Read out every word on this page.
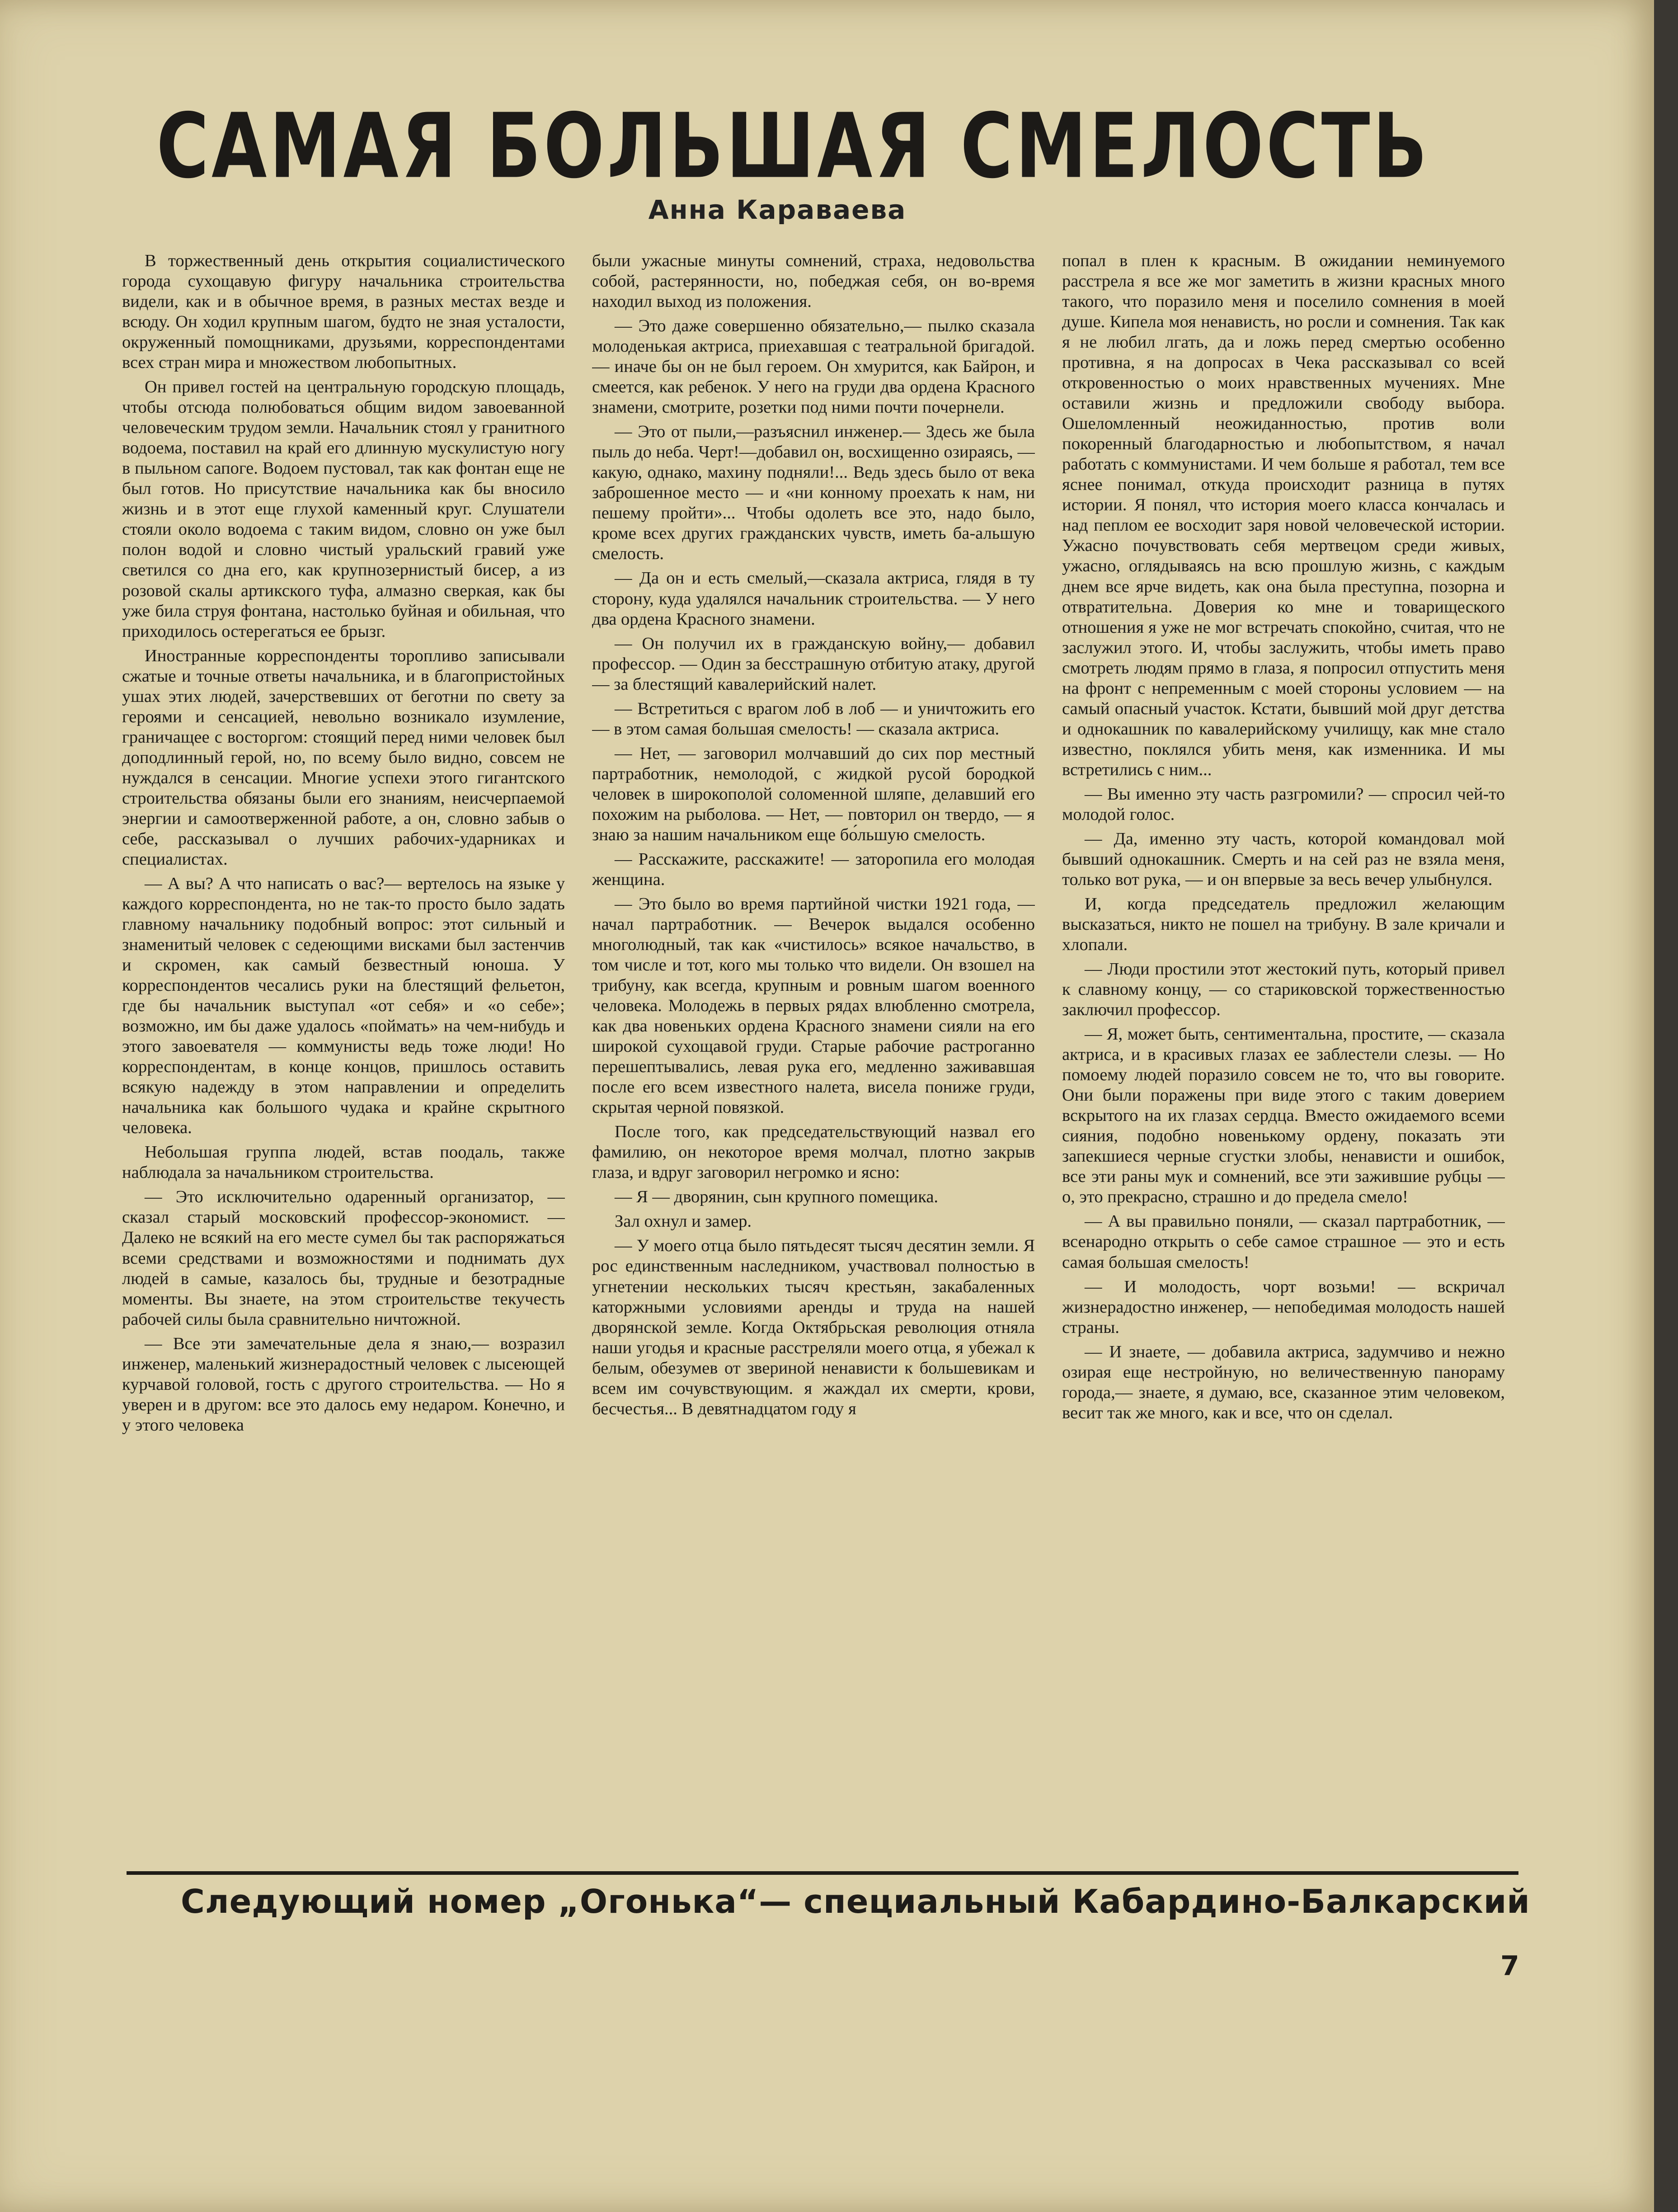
САМАЯ БОЛЬШАЯ СМЕЛОСТЬ
Анна Караваева

В торжественный день открытия социалистического города сухощавую фигуру начальника строительства видели, как и в обычное время, в разных местах везде и всюду. Он ходил крупным шагом, будто не зная усталости, окруженный помощниками, друзьями, корреспондентами всех стран мира и множеством любопытных.

Он привел гостей на центральную городскую площадь, чтобы отсюда полюбоваться общим видом завоеванной человеческим трудом земли. Начальник стоял у гранитного водоема, поставил на край его длинную мускулистую ногу в пыльном сапоге. Водоем пустовал, так как фонтан еще не был готов. Но присутствие начальника как бы вносило жизнь и в этот еще глухой каменный круг. Слушатели стояли около водоема с таким видом, словно он уже был полон водой и словно чистый уральский гравий уже светился со дна его, как крупнозернистый бисер, а из розовой скалы артикского туфа, алмазно сверкая, как бы уже била струя фонтана, настолько буйная и обильная, что приходилось остерегаться ее брызг.

Иностранные корреспонденты торопливо записывали сжатые и точные ответы начальника, и в благопристойных ушах этих людей, зачерствевших от беготни по свету за героями и сенсацией, невольно возникало изумление, граничащее с восторгом: стоящий перед ними человек был доподлинный герой, но, по всему было видно, совсем не нуждался в сенсации. Многие успехи этого гигантского строительства обязаны были его знаниям, неисчерпаемой энергии и самоотверженной работе, а он, словно забыв о себе, рассказывал о лучших рабочих-ударниках и специалистах.

— А вы? А что написать о вас?— вертелось на языке у каждого корреспондента, но не так-то просто было задать главному начальнику подобный вопрос: этот сильный и знаменитый человек с седеющими висками был застенчив и скромен, как самый безвестный юноша. У корреспондентов чесались руки на блестящий фельетон, где бы начальник выступал «от себя» и «о себе»; возможно, им бы даже удалось «поймать» на чем-нибудь и этого завоевателя — коммунисты ведь тоже люди! Но корреспондентам, в конце концов, пришлось оставить всякую надежду в этом направлении и определить начальника как большого чудака и крайне скрытного человека.

Небольшая группа людей, встав поодаль, также наблюдала за начальником строительства.

— Это исключительно одаренный организатор, — сказал старый московский профессор-экономист. — Далеко не всякий на его месте сумел бы так распоряжаться всеми средствами и возможностями и поднимать дух людей в самые, казалось бы, трудные и безотрадные моменты. Вы знаете, на этом строительстве текучесть рабочей силы была сравнительно ничтожной.

— Все эти замечательные дела я знаю,— возразил инженер, маленький жизнерадостный человек с лысеющей курчавой головой, гость с другого строительства. — Но я уверен и в другом: все это далось ему недаром. Конечно, и у этого человека

были ужасные минуты сомнений, страха, недовольства собой, растерянности, но, победжая себя, он во-время находил выход из положения.

— Это даже совершенно обязательно,— пылко сказала молоденькая актриса, приехавшая с театральной бригадой. — иначе бы он не был героем. Он хмурится, как Байрон, и смеется, как ребенок. У него на груди два ордена Красного знамени, смотрите, розетки под ними почти почернели.

— Это от пыли,—разъяснил инженер.— Здесь же была пыль до неба. Черт!—добавил он, восхищенно озираясь, — какую, однако, махину подняли!... Ведь здесь было от века заброшенное место — и «ни конному проехать к нам, ни пешему пройти»... Чтобы одолеть все это, надо было, кроме всех других гражданских чувств, иметь ба-альшую смелость.

— Да он и есть смелый,—сказала актриса, глядя в ту сторону, куда удалялся начальник строительства. — У него два ордена Красного знамени.

— Он получил их в гражданскую войну,— добавил профессор. — Один за бесстрашную отбитую атаку, другой — за блестящий кавалерийский налет.

— Встретиться с врагом лоб в лоб — и уничтожить его — в этом самая большая смелость! — сказала актриса.

— Нет, — заговорил молчавший до сих пор местный партработник, немолодой, с жидкой русой бородкой человек в широкополой соломенной шляпе, делавший его похожим на рыболова. — Нет, — повторил он твердо, — я знаю за нашим начальником еще бо́льшую смелость.

— Расскажите, расскажите! — заторопила его молодая женщина.

— Это было во время партийной чистки 1921 года, — начал партработник. — Вечерок выдался особенно многолюдный, так как «чистилось» всякое начальство, в том числе и тот, кого мы только что видели. Он взошел на трибуну, как всегда, крупным и ровным шагом военного человека. Молодежь в первых рядах влюбленно смотрела, как два новеньких ордена Красного знамени сияли на его широкой сухощавой груди. Старые рабочие растроганно перешептывались, левая рука его, медленно заживавшая после его всем известного налета, висела пониже груди, скрытая черной повязкой.

После того, как председательствующий назвал его фамилию, он некоторое время молчал, плотно закрыв глаза, и вдруг заговорил негромко и ясно:

— Я — дворянин, сын крупного помещика.

Зал охнул и замер.

— У моего отца было пятьдесят тысяч десятин земли. Я рос единственным наследником, участвовал полностью в угнетении нескольких тысяч крестьян, закабаленных каторжными условиями аренды и труда на нашей дворянской земле. Когда Октябрьская революция отняла наши угодья и красные расстреляли моего отца, я убежал к белым, обезумев от звериной ненависти к большевикам и всем им сочувствующим. я жаждал их смерти, крови, бесчестья... В девятнадцатом году я

попал в плен к красным. В ожидании неминуемого расстрела я все же мог заметить в жизни красных много такого, что поразило меня и поселило сомнения в моей душе. Кипела моя ненависть, но росли и сомнения. Так как я не любил лгать, да и ложь перед смертью особенно противна, я на допросах в Чека рассказывал со всей откровенностью о моих нравственных мучениях. Мне оставили жизнь и предложили свободу выбора. Ошеломленный неожиданностью, против воли покоренный благодарностью и любопытством, я начал работать с коммунистами. И чем больше я работал, тем все яснее понимал, откуда происходит разница в путях истории. Я понял, что история моего класса кончалась и над пеплом ее восходит заря новой человеческой истории. Ужасно почувствовать себя мертвецом среди живых, ужасно, оглядываясь на всю прошлую жизнь, с каждым днем все ярче видеть, как она была преступна, позорна и отвратительна. Доверия ко мне и товарищеского отношения я уже не мог встречать спокойно, считая, что не заслужил этого. И, чтобы заслужить, чтобы иметь право смотреть людям прямо в глаза, я попросил отпустить меня на фронт с непременным с моей стороны условием — на самый опасный участок. Кстати, бывший мой друг детства и однокашник по кавалерийскому училищу, как мне стало известно, поклялся убить меня, как изменника. И мы встретились с ним...

— Вы именно эту часть разгромили? — спросил чей-то молодой голос.

— Да, именно эту часть, которой командовал мой бывший однокашник. Смерть и на сей раз не взяла меня, только вот рука, — и он впервые за весь вечер улыбнулся.

И, когда председатель предложил желающим высказаться, никто не пошел на трибуну. В зале кричали и хлопали.

— Люди простили этот жестокий путь, который привел к славному концу, — со стариковской торжественностью заключил профессор.

— Я, может быть, сентиментальна, простите, — сказала актриса, и в красивых глазах ее заблестели слезы. — Но помоему людей поразило совсем не то, что вы говорите. Они были поражены при виде этого с таким доверием вскрытого на их глазах сердца. Вместо ожидаемого всеми сияния, подобно новенькому ордену, показать эти запекшиеся черные сгустки злобы, ненависти и ошибок, все эти раны мук и сомнений, все эти зажившие рубцы — о, это прекрасно, страшно и до предела смело!

— А вы правильно поняли, — сказал партработник, — всенародно открыть о себе самое страшное — это и есть самая большая смелость!

— И молодость, чорт возьми! — вскричал жизнерадостно инженер, — непобедимая молодость нашей страны.

— И знаете, — добавила актриса, задумчиво и нежно озирая еще нестройную, но величественную панораму города,— знаете, я думаю, все, сказанное этим человеком, весит так же много, как и все, что он сделал.

Следующий номер „Огонька“— специальный Кабардино-Балкарский
7
